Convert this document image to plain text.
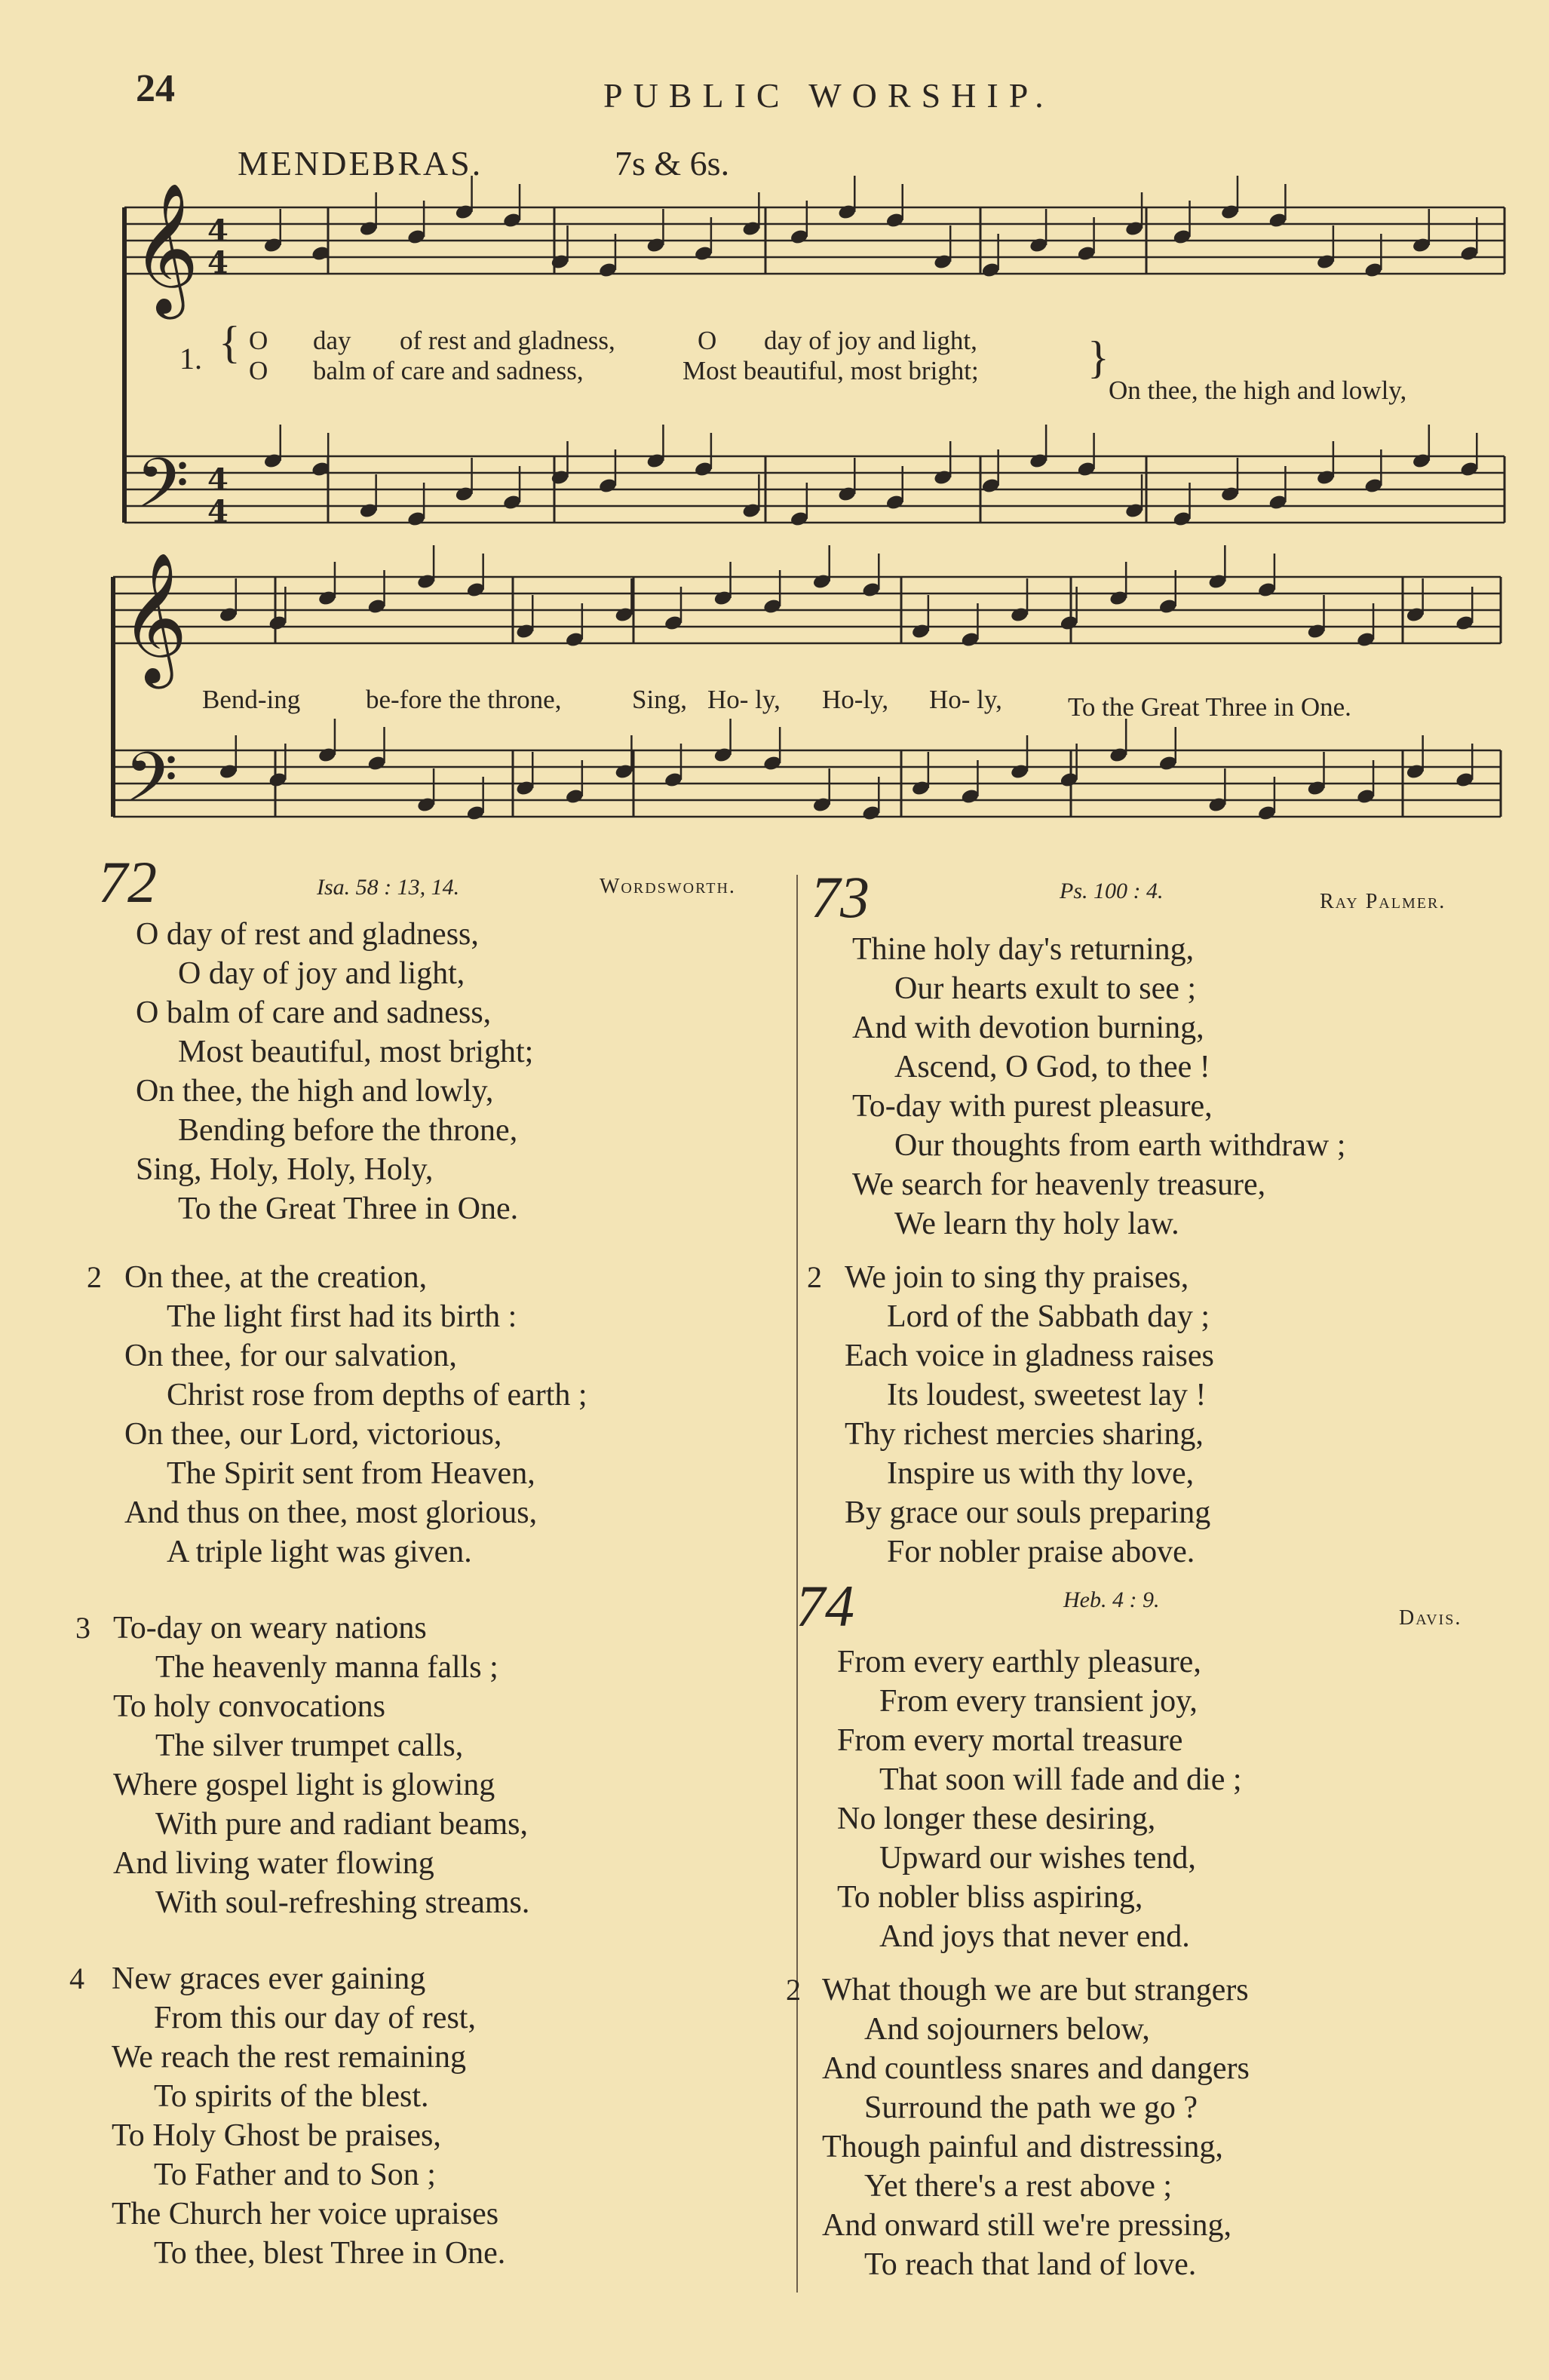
24	PUBLIC WORSHIP.
MENDEBRAS.	7s & 6s.
𝄞
𝄢
4
4
4
4
𝄞
𝄢
1. { O day of rest and gladness,	O day of joy and light,
O balm of care and sadness,	Most beautiful, most bright; }
On thee, the high and lowly,
Bend-ing be-fore the throne,	Sing, Ho- ly, Ho-ly, Ho- ly, To the Great Three in One.
72	Isa. 58 : 13, 14.	Wordsworth. 73	Ps. 100 : 4.	Ray Palmer.
74	Heb. 4 : 9.
Davis.
O day of rest and gladness,
O day of joy and light,
O balm of care and sadness,
Most beautiful, most bright;
On thee, the high and lowly,
Bending before the throne,
Sing, Holy, Holy, Holy,
To the Great Three in One.
2 On thee, at the creation,
The light first had its birth :
On thee, for our salvation,
Christ rose from depths of earth ;
On thee, our Lord, victorious,
The Spirit sent from Heaven,
And thus on thee, most glorious,
A triple light was given.
3 To-day on weary nations
The heavenly manna falls ;
To holy convocations
The silver trumpet calls,
Where gospel light is glowing
With pure and radiant beams,
And living water flowing
With soul-refreshing streams.
4 New graces ever gaining
From this our day of rest,
We reach the rest remaining
To spirits of the blest.
To Holy Ghost be praises,
To Father and to Son ;
The Church her voice upraises
To thee, blest Three in One.
Thine holy day's returning,
Our hearts exult to see ;
And with devotion burning,
Ascend, O God, to thee !
To-day with purest pleasure,
Our thoughts from earth withdraw ;
We search for heavenly treasure,
We learn thy holy law.
2 We join to sing thy praises,
Lord of the Sabbath day ;
Each voice in gladness raises
Its loudest, sweetest lay !
Thy richest mercies sharing,
Inspire us with thy love,
By grace our souls preparing
For nobler praise above.
From every earthly pleasure,
From every transient joy,
From every mortal treasure
That soon will fade and die ;
No longer these desiring,
Upward our wishes tend,
To nobler bliss aspiring,
And joys that never end.
2 What though we are but strangers
And sojourners below,
And countless snares and dangers
Surround the path we go ?
Though painful and distressing,
Yet there's a rest above ;
And onward still we're pressing,
To reach that land of love.
